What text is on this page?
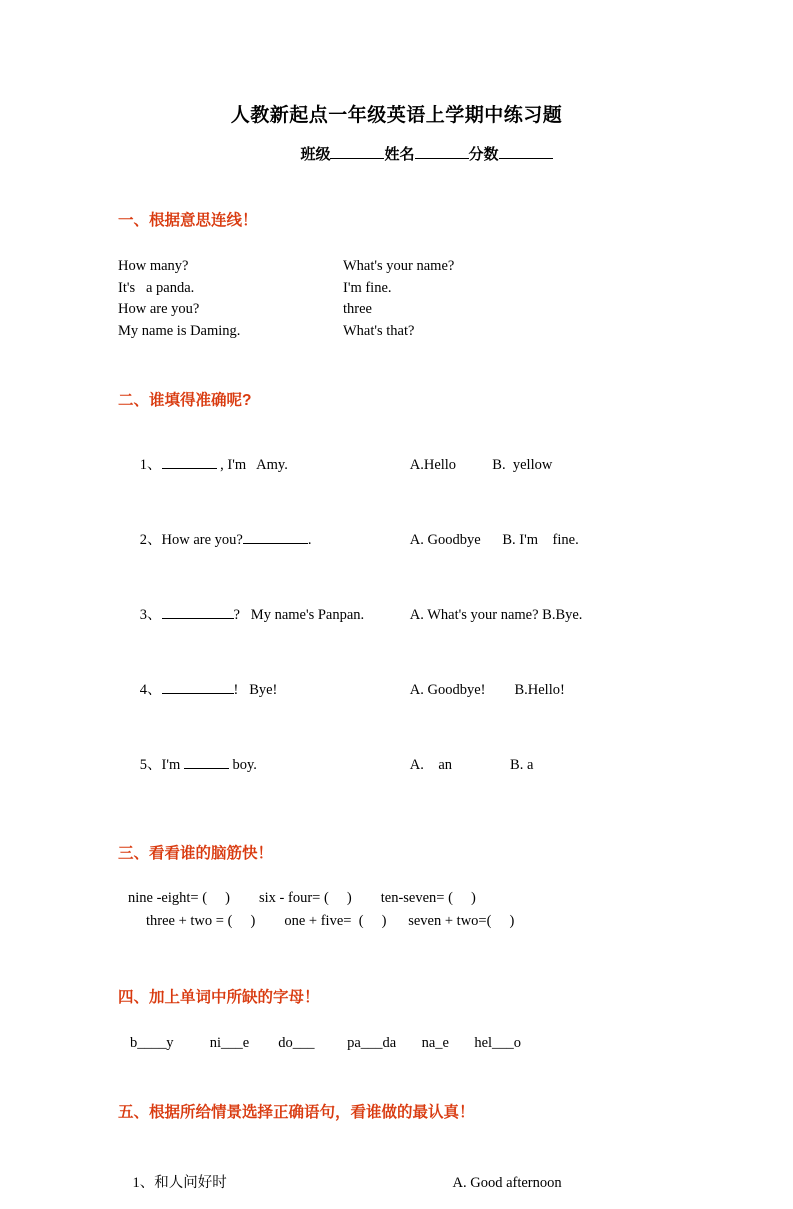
人教新起点一年级英语上学期中练习题
班级	姓名	分数
一、根据意思连线！
How many?	What's your name?
It's   a panda.	I'm fine.
How are you?	three
My name is Daming.	What's that?
二、谁填得准确呢?

1、	, I'm   Amy.	A.Hello          B.  yellow

2、How are you?	.	A. Goodbye      B. I'm    fine.

3、	?   My name's Panpan.	A. What's your name? B.Bye.

4、	!   Bye!	A. Goodbye!        B.Hello!

5、I'm	boy.	A.    an                B. a

三、看看谁的脑筋快！
nine -eight= (     )        six - four= (     )        ten-seven= (     )
three + two = (     )        one + five=  (     )      seven + two=(     )
四、加上单词中所缺的字母！
b____y          ni___e        do___         pa___da       na_e       hel___o
五、根据所给情景选择正确语句，看谁做的最认真！

1、和人问好时	A. Good afternoon
